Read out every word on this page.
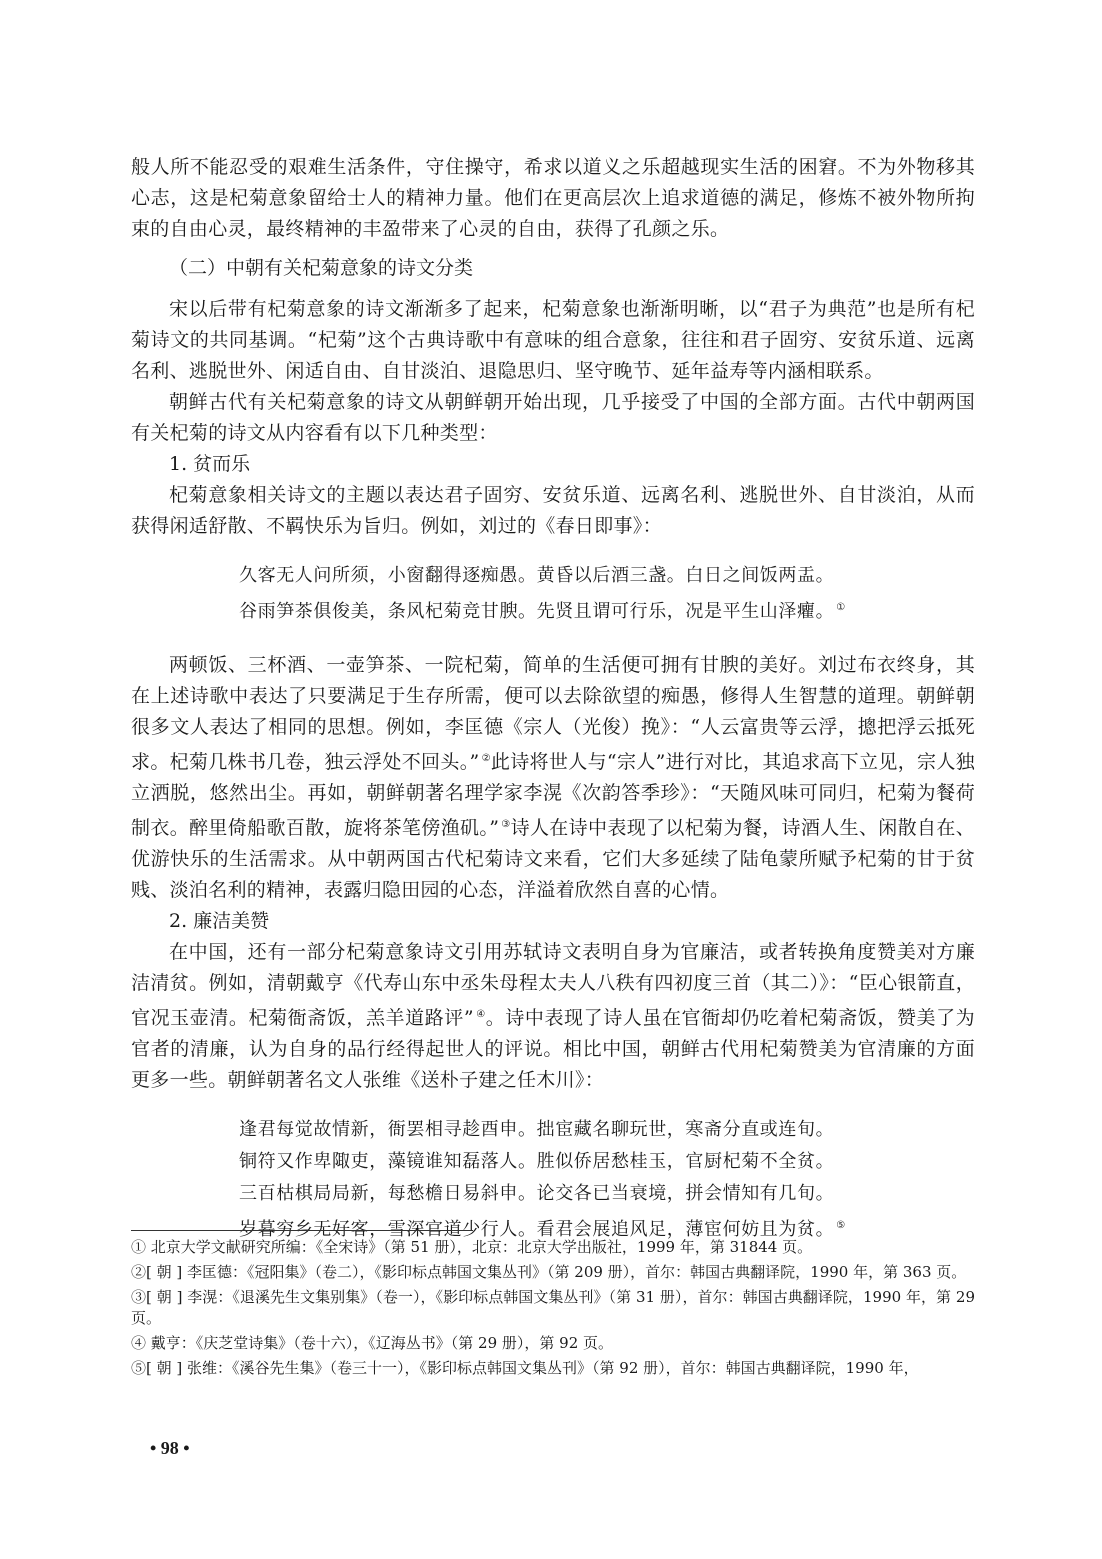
般人所不能忍受的艰难生活条件，守住操守，希求以道义之乐超越现实生活的困窘。不为外物移其心志，这是杞菊意象留给士人的精神力量。他们在更高层次上追求道德的满足，修炼不被外物所拘束的自由心灵，最终精神的丰盈带来了心灵的自由，获得了孔颜之乐。

（二）中朝有关杞菊意象的诗文分类

宋以后带有杞菊意象的诗文渐渐多了起来，杞菊意象也渐渐明晰，以“君子为典范”也是所有杞菊诗文的共同基调。“杞菊”这个古典诗歌中有意味的组合意象，往往和君子固穷、安贫乐道、远离名利、逃脱世外、闲适自由、自甘淡泊、退隐思归、坚守晚节、延年益寿等内涵相联系。

朝鲜古代有关杞菊意象的诗文从朝鲜朝开始出现，几乎接受了中国的全部方面。古代中朝两国有关杞菊的诗文从内容看有以下几种类型：

1. 贫而乐

杞菊意象相关诗文的主题以表达君子固穷、安贫乐道、远离名利、逃脱世外、自甘淡泊，从而获得闲适舒散、不羁快乐为旨归。例如，刘过的《春日即事》：

久客无人问所须，小窗翻得逐痴愚。黄昏以后酒三盏。白日之间饭两盂。
谷雨笋茶俱俊美，条风杞菊竞甘腴。先贤且谓可行乐，况是平生山泽癯。 ①

两顿饭、三杯酒、一壶笋茶、一院杞菊，简单的生活便可拥有甘腴的美好。刘过布衣终身，其在上述诗歌中表达了只要满足于生存所需，便可以去除欲望的痴愚，修得人生智慧的道理。朝鲜朝很多文人表达了相同的思想。例如，李匡德《宗人（光俊）挽》：“人云富贵等云浮，摠把浮云抵死求。杞菊几株书几卷，独云浮处不回头。” ②此诗将世人与“宗人”进行对比，其追求高下立见，宗人独立洒脱，悠然出尘。再如，朝鲜朝著名理学家李滉《次韵答季珍》：“天随风味可同归，杞菊为餐荷制衣。醉里倚船歌百散，旋将茶笔傍渔矶。” ③诗人在诗中表现了以杞菊为餐，诗酒人生、闲散自在、优游快乐的生活需求。从中朝两国古代杞菊诗文来看，它们大多延续了陆龟蒙所赋予杞菊的甘于贫贱、淡泊名利的精神，表露归隐田园的心态，洋溢着欣然自喜的心情。

2. 廉洁美赞

在中国，还有一部分杞菊意象诗文引用苏轼诗文表明自身为官廉洁，或者转换角度赞美对方廉洁清贫。例如，清朝戴亨《代寿山东中丞朱母程太夫人八秩有四初度三首（其二）》：“臣心银箭直，官况玉壶清。杞菊衙斋饭，羔羊道路评” ④。诗中表现了诗人虽在官衙却仍吃着杞菊斋饭，赞美了为官者的清廉，认为自身的品行经得起世人的评说。相比中国，朝鲜古代用杞菊赞美为官清廉的方面更多一些。朝鲜朝著名文人张维《送朴子建之任木川》：

逢君每觉故情新，衙罢相寻趁酉申。拙宦藏名聊玩世，寒斋分直或连旬。
铜符又作卑陬吏，藻镜谁知磊落人。胜似侨居愁桂玉，官厨杞菊不全贫。
三百枯棋局局新，每愁檐日易斜申。论交各已当衰境，拼会情知有几旬。
岁暮穷乡无好客，雪深官道少行人。看君会展追风足，薄宦何妨且为贫。 ⑤
① 北京大学文献研究所编：《全宋诗》（第 51 册），北京：北京大学出版社，1999 年，第 31844 页。
②[ 朝 ] 李匡德：《冠阳集》（卷二），《影印标点韩国文集丛刊》（第 209 册），首尔：韩国古典翻译院，1990 年，第 363 页。
③[ 朝 ] 李滉：《退溪先生文集别集》（卷一），《影印标点韩国文集丛刊》（第 31 册），首尔：韩国古典翻译院，1990 年，第 29 页。
④ 戴亨：《庆芝堂诗集》（卷十六），《辽海丛书》（第 29 册），第 92 页。
⑤[ 朝 ] 张维：《溪谷先生集》（卷三十一），《影印标点韩国文集丛刊》（第 92 册），首尔：韩国古典翻译院，1990 年，
• 98 •
